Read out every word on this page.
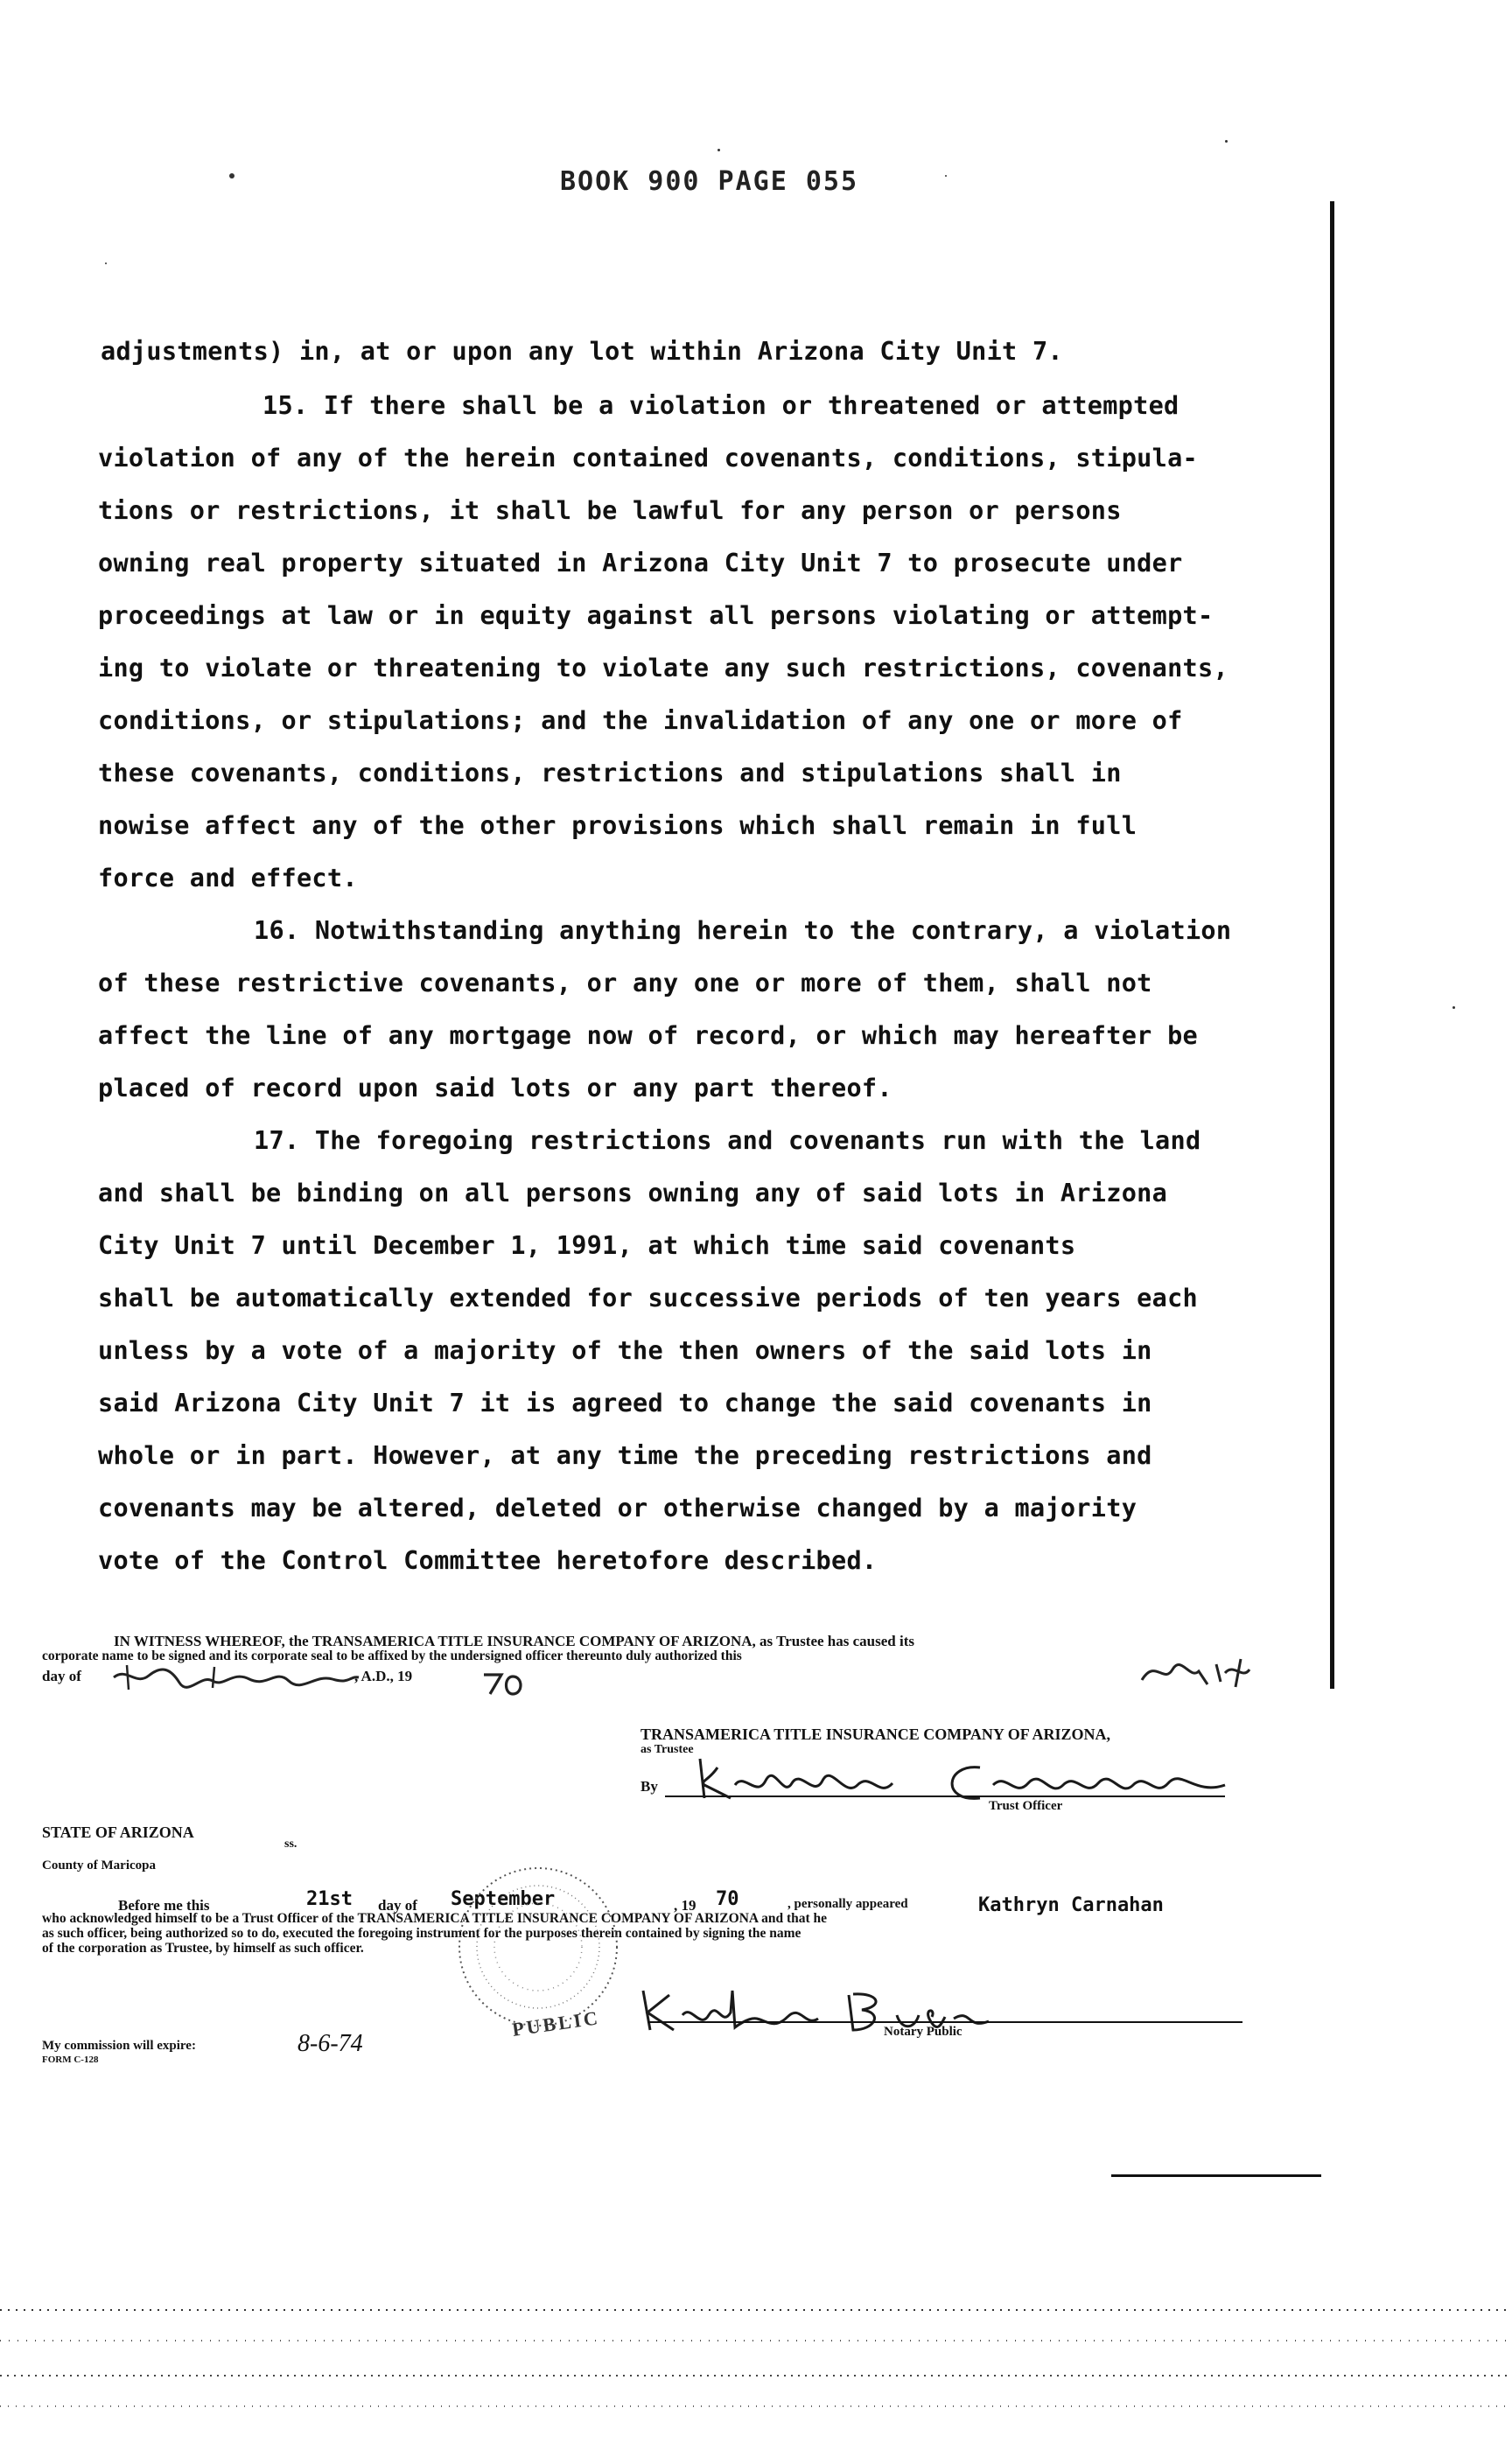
BOOK 900 PAGE 055
adjustments) in, at or upon any lot within Arizona City Unit 7.
15. If there shall be a violation or threatened or attempted
violation of any of the herein contained covenants, conditions, stipula-
tions or restrictions, it shall be lawful for any person or persons
owning real property situated in Arizona City Unit 7 to prosecute under
proceedings at law or in equity against all persons violating or attempt-
ing to violate or threatening to violate any such restrictions, covenants,
conditions, or stipulations; and the invalidation of any one or more of
these covenants, conditions, restrictions and stipulations shall in
nowise affect any of the other provisions which shall remain in full
force and effect.
16. Notwithstanding anything herein to the contrary, a violation
of these restrictive covenants, or any one or more of them, shall not
affect the line of any mortgage now of record, or which may hereafter be
placed of record upon said lots or any part thereof.
17. The foregoing restrictions and covenants run with the land
and shall be binding on all persons owning any of said lots in Arizona
City Unit 7 until December 1, 1991, at which time said covenants
shall be automatically extended for successive periods of ten years each
unless by a vote of a majority of the then owners of the said lots in
said Arizona City Unit 7 it is agreed to change the said covenants in
whole or in part. However, at any time the preceding restrictions and
covenants may be altered, deleted or otherwise changed by a majority
vote of the Control Committee heretofore described.
IN WITNESS WHEREOF, the TRANSAMERICA TITLE INSURANCE COMPANY OF ARIZONA, as Trustee has caused its
corporate name to be signed and its corporate seal to be affixed by the undersigned officer thereunto duly authorized this
day of	, A.D., 19
TRANSAMERICA TITLE INSURANCE COMPANY OF ARIZONA,
as Trustee
By
Trust Officer
STATE OF ARIZONA
ss.
County of Maricopa
Before me this	21st day of September	, 19 70	, personally appeared	Kathryn Carnahan
who acknowledged himself to be a Trust Officer of the TRANSAMERICA TITLE INSURANCE COMPANY OF ARIZONA and that he
as such officer, being authorized so to do, executed the foregoing instrument for the purposes therein contained by signing the name
of the corporation as Trustee, by himself as such officer.
PUBLIC	Notary Public
My commission will expire:	8-6-74
FORM C-128
